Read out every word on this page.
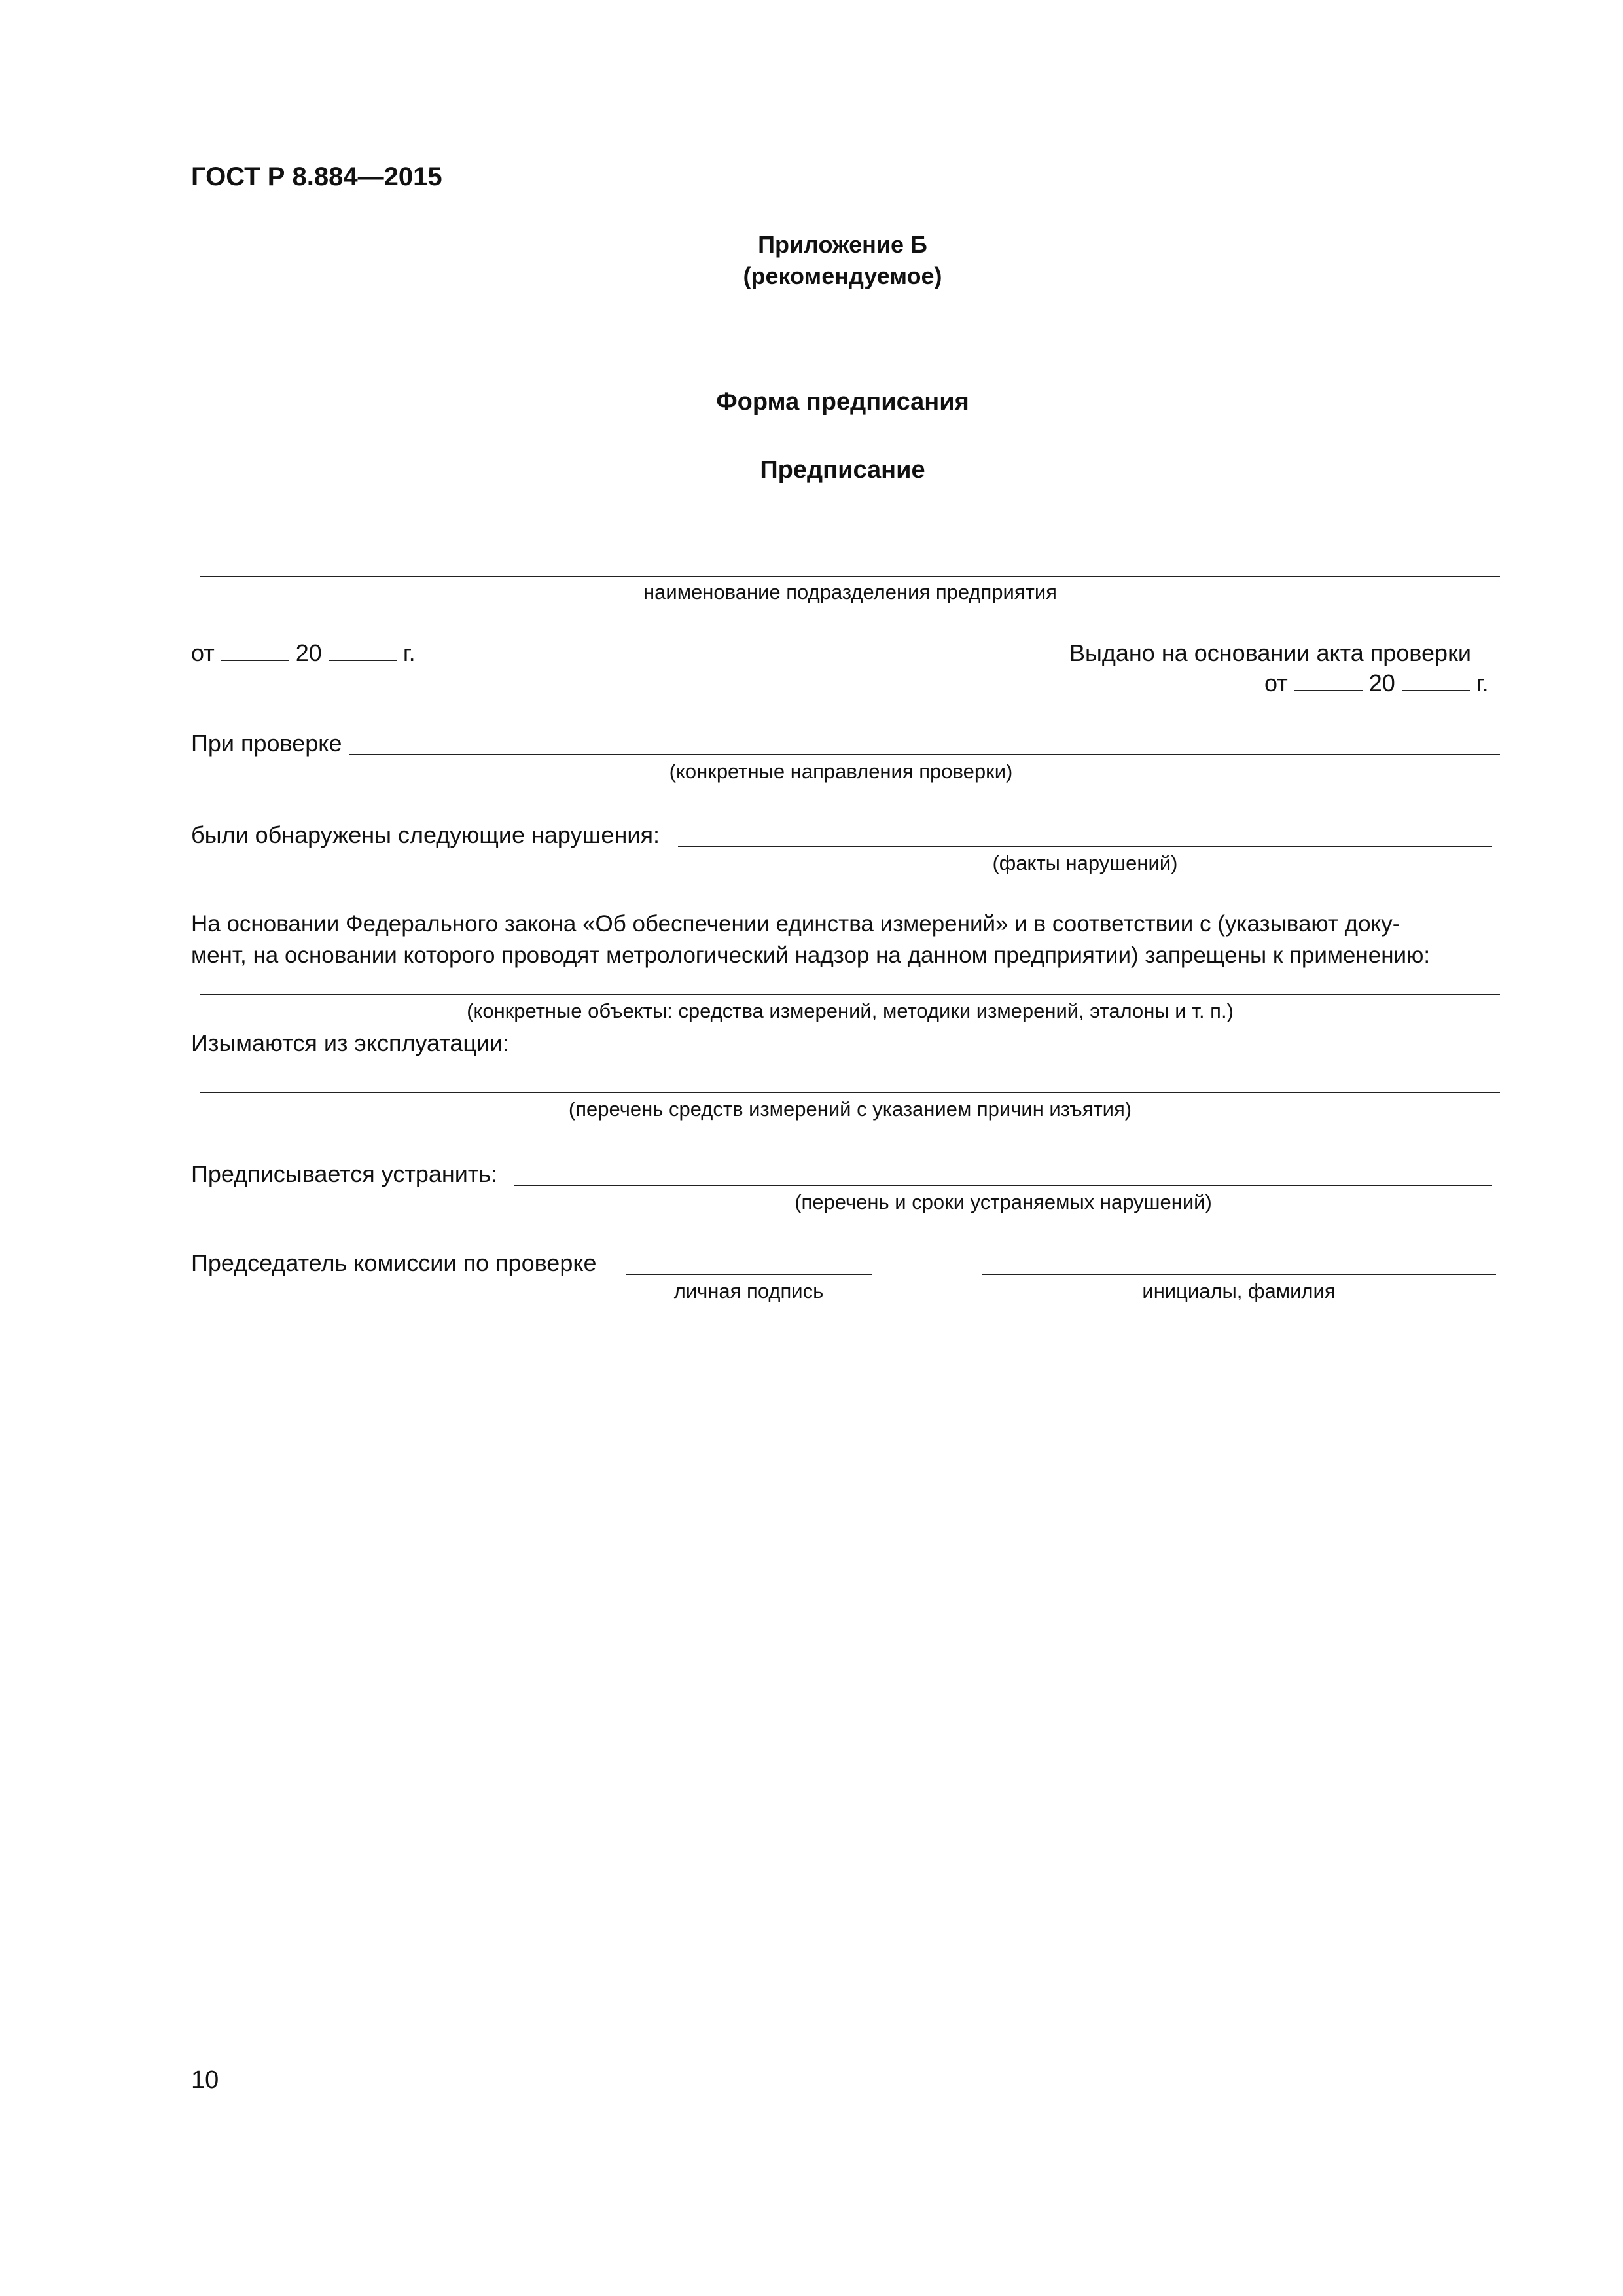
ГОСТ Р 8.884—2015
Приложение Б
(рекомендуемое)
Форма предписания
Предписание
наименование подразделения предприятия
от	20	г.	Выдано на основании акта проверки
от	20	г.
При проверке
(конкретные направления проверки)
были обнаружены следующие нарушения:
(факты нарушений)
На основании Федерального закона «Об обеспечении единства измерений» и в соответствии с (указывают доку-
мент, на основании которого проводят метрологический надзор на данном предприятии) запрещены к применению:
(конкретные объекты: средства измерений, методики измерений, эталоны и т. п.)
Изымаются из эксплуатации:
(перечень средств измерений с указанием причин изъятия)
Предписывается устранить:
(перечень и сроки устраняемых нарушений)
Председатель комиссии по проверке
личная подпись	инициалы, фамилия
10
